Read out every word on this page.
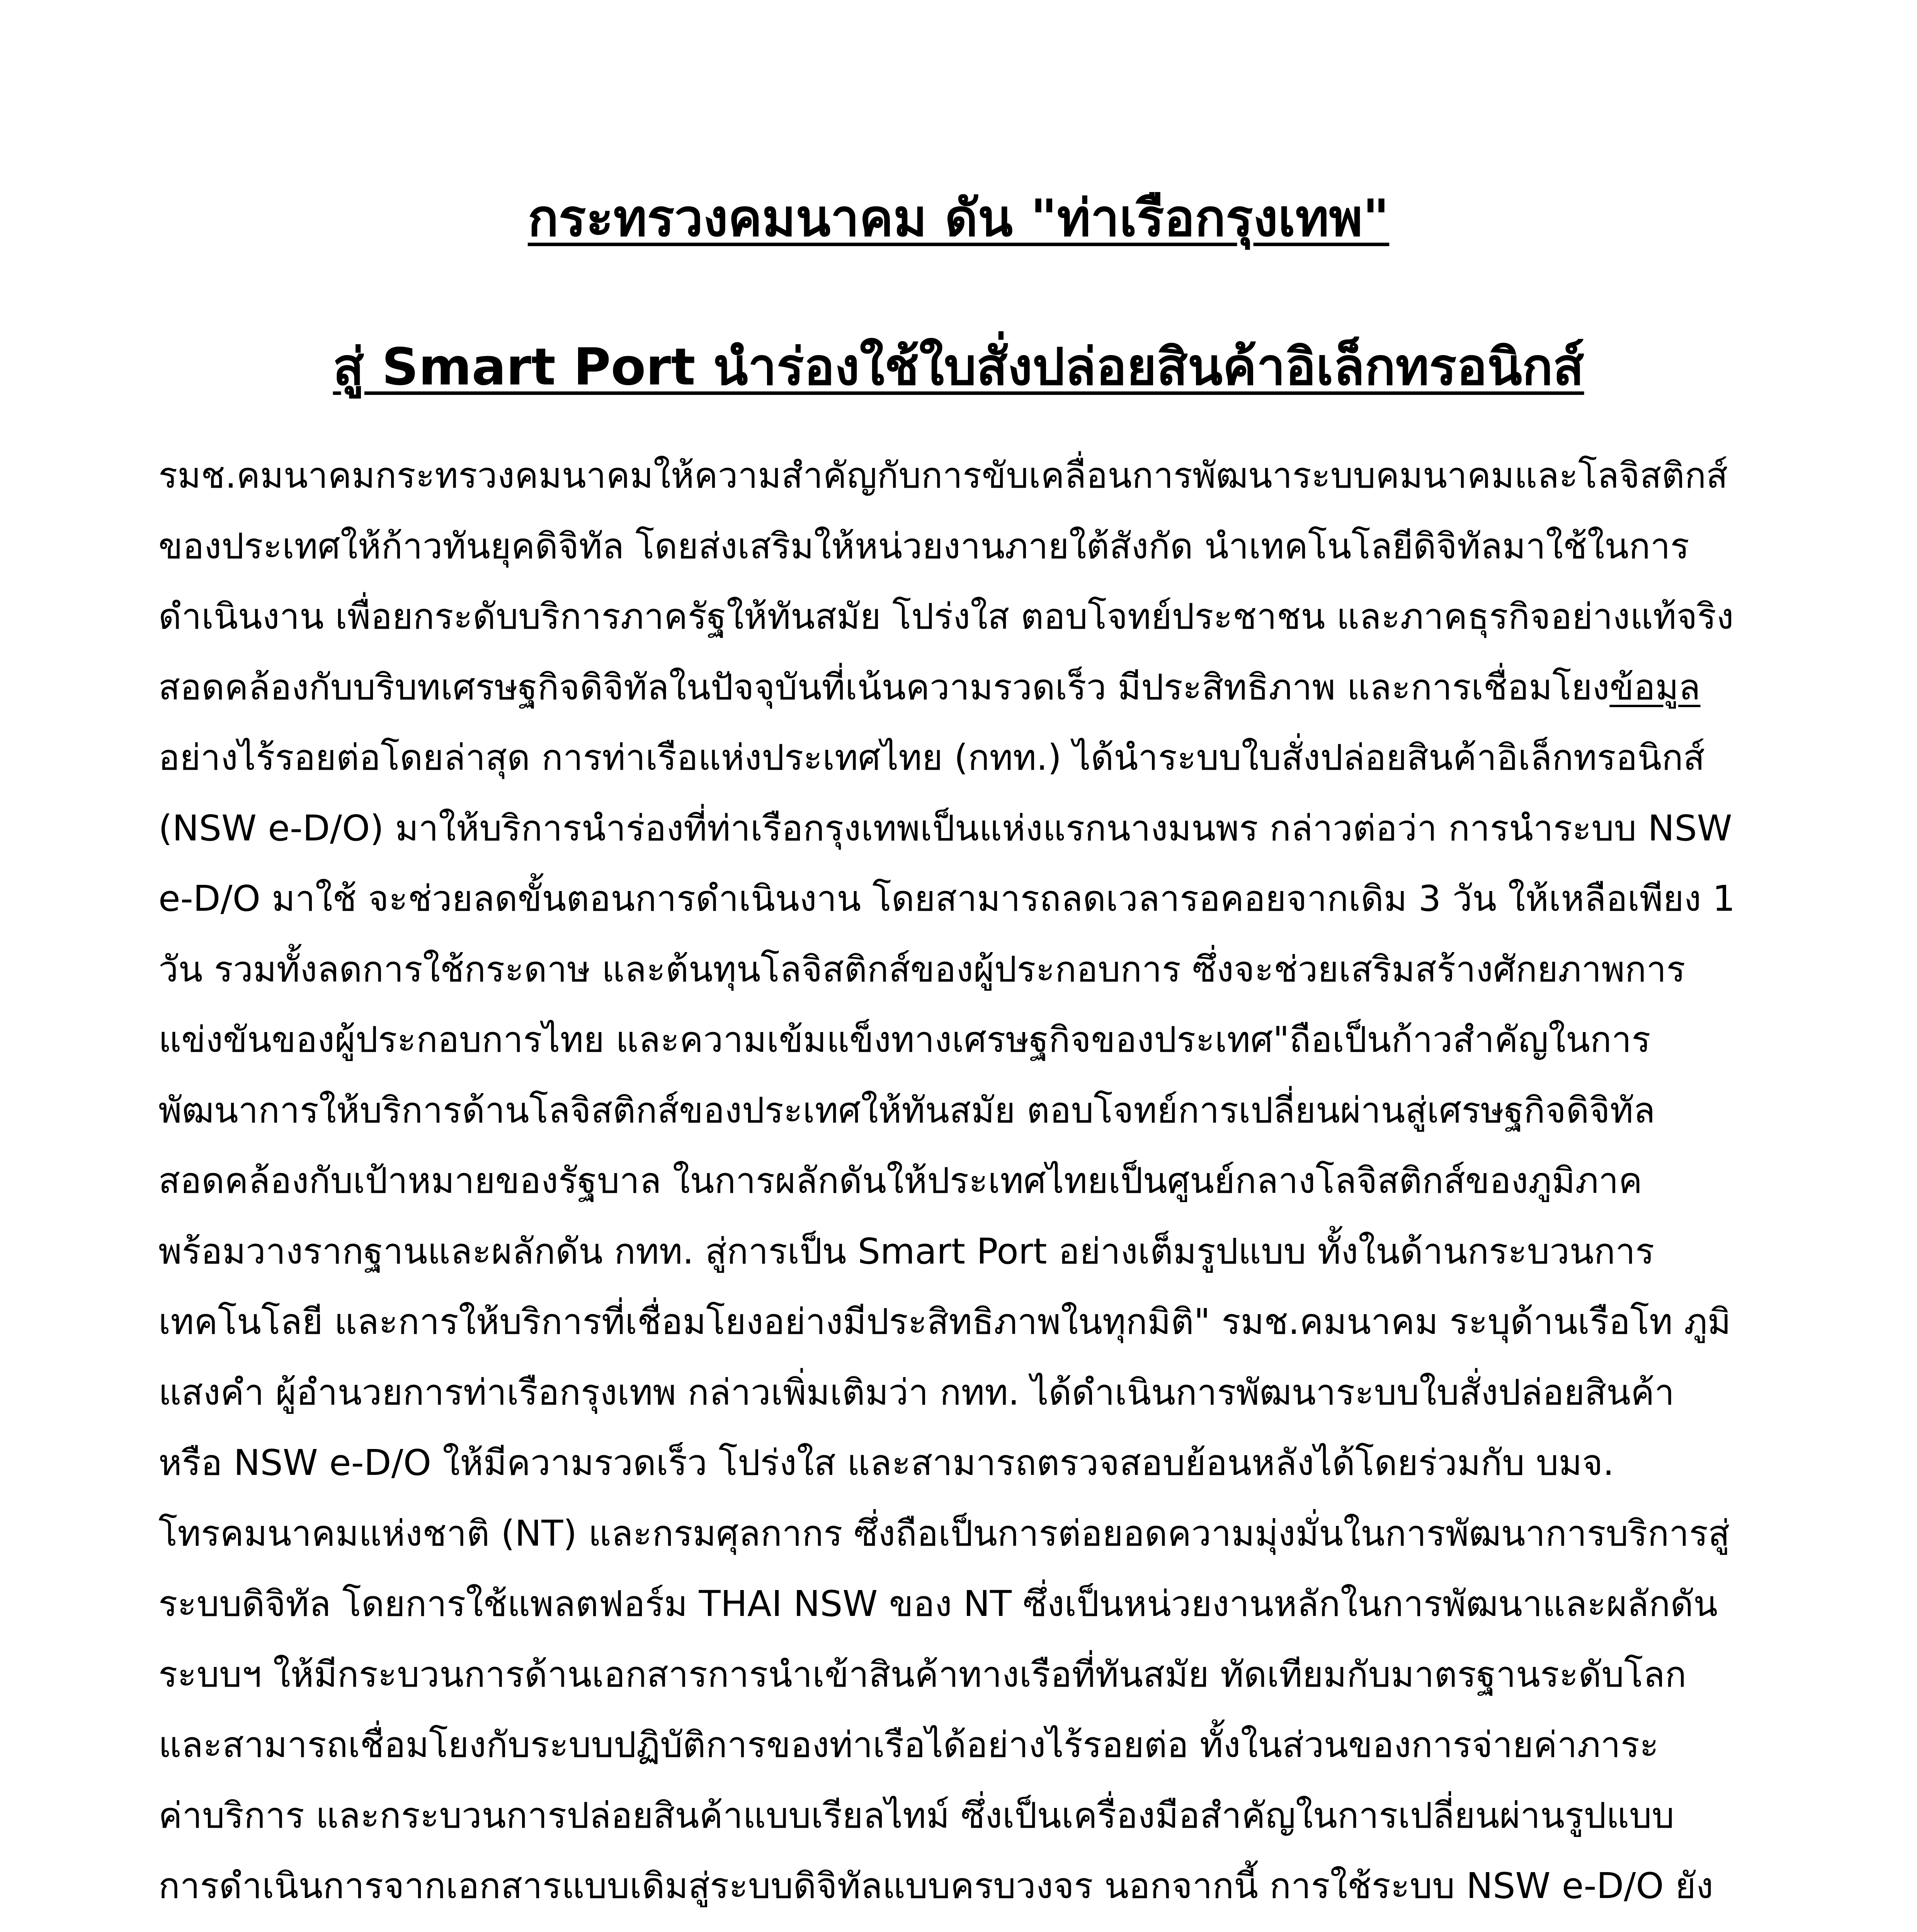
กระทรวงคมนาคม ดัน "ท่าเรือกรุงเทพ"
สู่ Smart Port นำร่องใช้ใบสั่งปล่อยสินค้าอิเล็กทรอนิกส์
รมช.คมนาคมกระทรวงคมนาคมให้ความสำคัญกับการขับเคลื่อนการพัฒนาระบบคมนาคมและโลจิสติกส์
ของประเทศให้ก้าวทันยุคดิจิทัล โดยส่งเสริมให้หน่วยงานภายใต้สังกัด นำเทคโนโลยีดิจิทัลมาใช้ในการ
ดำเนินงาน เพื่อยกระดับบริการภาครัฐให้ทันสมัย โปร่งใส ตอบโจทย์ประชาชน และภาคธุรกิจอย่างแท้จริง
สอดคล้องกับบริบทเศรษฐกิจดิจิทัลในปัจจุบันที่เน้นความรวดเร็ว มีประสิทธิภาพ และการเชื่อมโยงข้อมูล
อย่างไร้รอยต่อโดยล่าสุด การท่าเรือแห่งประเทศไทย (กทท.) ได้นำระบบใบสั่งปล่อยสินค้าอิเล็กทรอนิกส์
(NSW e-D/O) มาให้บริการนำร่องที่ท่าเรือกรุงเทพเป็นแห่งแรกนางมนพร กล่าวต่อว่า การนำระบบ NSW
e-D/O มาใช้ จะช่วยลดขั้นตอนการดำเนินงาน โดยสามารถลดเวลารอคอยจากเดิม 3 วัน ให้เหลือเพียง 1
วัน รวมทั้งลดการใช้กระดาษ และต้นทุนโลจิสติกส์ของผู้ประกอบการ ซึ่งจะช่วยเสริมสร้างศักยภาพการ
แข่งขันของผู้ประกอบการไทย และความเข้มแข็งทางเศรษฐกิจของประเทศ"ถือเป็นก้าวสำคัญในการ
พัฒนาการให้บริการด้านโลจิสติกส์ของประเทศให้ทันสมัย ตอบโจทย์การเปลี่ยนผ่านสู่เศรษฐกิจดิจิทัล
สอดคล้องกับเป้าหมายของรัฐบาล ในการผลักดันให้ประเทศไทยเป็นศูนย์กลางโลจิสติกส์ของภูมิภาค
พร้อมวางรากฐานและผลักดัน กทท. สู่การเป็น Smart Port อย่างเต็มรูปแบบ ทั้งในด้านกระบวนการ
เทคโนโลยี และการให้บริการที่เชื่อมโยงอย่างมีประสิทธิภาพในทุกมิติ" รมช.คมนาคม ระบุด้านเรือโท ภูมิ
แสงคำ ผู้อำนวยการท่าเรือกรุงเทพ กล่าวเพิ่มเติมว่า กทท. ได้ดำเนินการพัฒนาระบบใบสั่งปล่อยสินค้า
หรือ NSW e-D/O ให้มีความรวดเร็ว โปร่งใส และสามารถตรวจสอบย้อนหลังได้โดยร่วมกับ บมจ.
โทรคมนาคมแห่งชาติ (NT) และกรมศุลกากร ซึ่งถือเป็นการต่อยอดความมุ่งมั่นในการพัฒนาการบริการสู่
ระบบดิจิทัล โดยการใช้แพลตฟอร์ม THAI NSW ของ NT ซึ่งเป็นหน่วยงานหลักในการพัฒนาและผลักดัน
ระบบฯ ให้มีกระบวนการด้านเอกสารการนำเข้าสินค้าทางเรือที่ทันสมัย ทัดเทียมกับมาตรฐานระดับโลก
และสามารถเชื่อมโยงกับระบบปฏิบัติการของท่าเรือได้อย่างไร้รอยต่อ ทั้งในส่วนของการจ่ายค่าภาระ
ค่าบริการ และกระบวนการปล่อยสินค้าแบบเรียลไทม์ ซึ่งเป็นเครื่องมือสำคัญในการเปลี่ยนผ่านรูปแบบ
การดำเนินการจากเอกสารแบบเดิมสู่ระบบดิจิทัลแบบครบวงจร นอกจากนี้ การใช้ระบบ NSW e-D/O ยัง
